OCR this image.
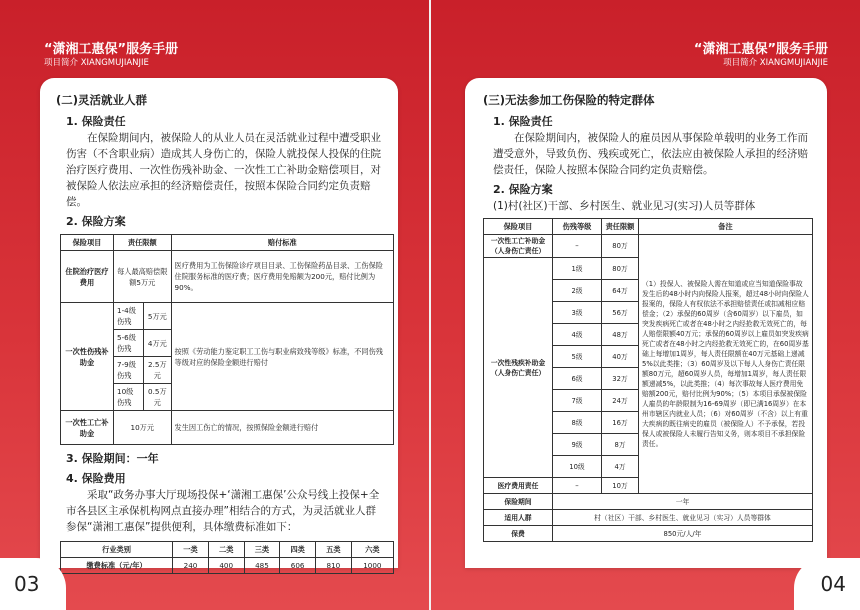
“潇湘工惠保”服务手册
项目简介 XIANGMUJIANJIE
(二)灵活就业人群
1. 保险责任

在保险期间内，被保险人的从业人员在灵活就业过程中遭受职业伤害（不含职业病）造成其人身伤亡的，保险人就投保人投保的住院治疗医疗费用、一次性伤残补助金、一次性工亡补助金赔偿项目，对被保险人依法应承担的经济赔偿责任，按照本保险合同约定负责赔偿。

2. 保险方案
保险项目	责任限额		赔付标准
住院治疗医疗费用	每人最高赔偿限额5万元		医疗费用为工伤保险诊疗项目目录、工伤保险药品目录、工伤保险住院服务标准的医疗费；医疗费用免赔额为200元，赔付比例为90%。
一次性伤残补助金	1-4级伤残	5万元	按照《劳动能力鉴定职工工伤与职业病致残等级》标准，不同伤残等级对应的保险金额进行赔付
	5-6级伤残	4万元	
	7-9级伤残	2.5万元	
	10级伤残	0.5万元	
一次性工亡补助金	10万元		发生因工伤亡的情况，按照保险金额进行赔付
3. 保险期间：一年
4. 保险费用

采取“政务办事大厅现场投保+‘潇湘工惠保’公众号线上投保+全市各县区主承保机构网点直接办理”相结合的方式，为灵活就业人群参保“潇湘工惠保”提供便利，具体缴费标准如下：

行业类别	一类	二类	三类	四类	五类	六类
缴费标准（元/年）	240	400	485	606	810	1000
03
“潇湘工惠保”服务手册
项目简介 XIANGMUJIANJIE
(三)无法参加工伤保险的特定群体
1. 保险责任

在保险期间内，被保险人的雇员因从事保险单载明的业务工作而遭受意外，导致负伤、残疾或死亡，依法应由被保险人承担的经济赔偿责任，保险人按照本保险合同约定负责赔偿。

2. 保险方案

(1)村(社区)干部、乡村医生、就业见习(实习)人员等群体

保险项目	伤残等级	责任限额	备注
一次性工亡补助金（人身伤亡责任）	–	80万	（1）投保人、被保险人需在知道或应当知道保险事故发生后的48小时内向保险人报案，超过48小时向保险人报案的，保险人有权依法不承担赔偿责任或扣减相应赔偿金；（2）承保的60周岁（含60周岁）以下雇员，如突发疾病死亡或者在48小时之内经抢救无效死亡的，每人赔偿限额40万元；承保的60周岁以上雇员如突发疾病死亡或者在48小时之内经抢救无效死亡的，在60周岁基础上每增加1周岁，每人责任限额在40万元基础上递减5%以此类推；（3）60周岁及以下每人人身伤亡责任限额80万元，超60周岁人员，每增加1周岁，每人责任限额递减5%，以此类推；（4）每次事故每人医疗费用免赔额200元，赔付比例为90%；（5）本项目承保被保险人雇员的年龄限制为16-69周岁（即已满16周岁）在本州市辖区内就业人员；（6）对60周岁（不含）以上有重大疾病的既往病史的雇员（被保险人）不予承保，若投保人或被保险人未履行告知义务，则本项目不承担保险责任。
一次性残疾补助金（人身伤亡责任）	1级	80万	
	2级	64万	
	3级	56万	
	4级	48万	
	5级	40万	
	6级	32万	
	7级	24万	
	8级	16万	
	9级	8万	
	10级	4万	
医疗费用责任	–	10万	
保险期间	一年		
适用人群	村（社区）干部、乡村医生、就业见习（实习）人员等群体		
保费	850元/人/年		
04
